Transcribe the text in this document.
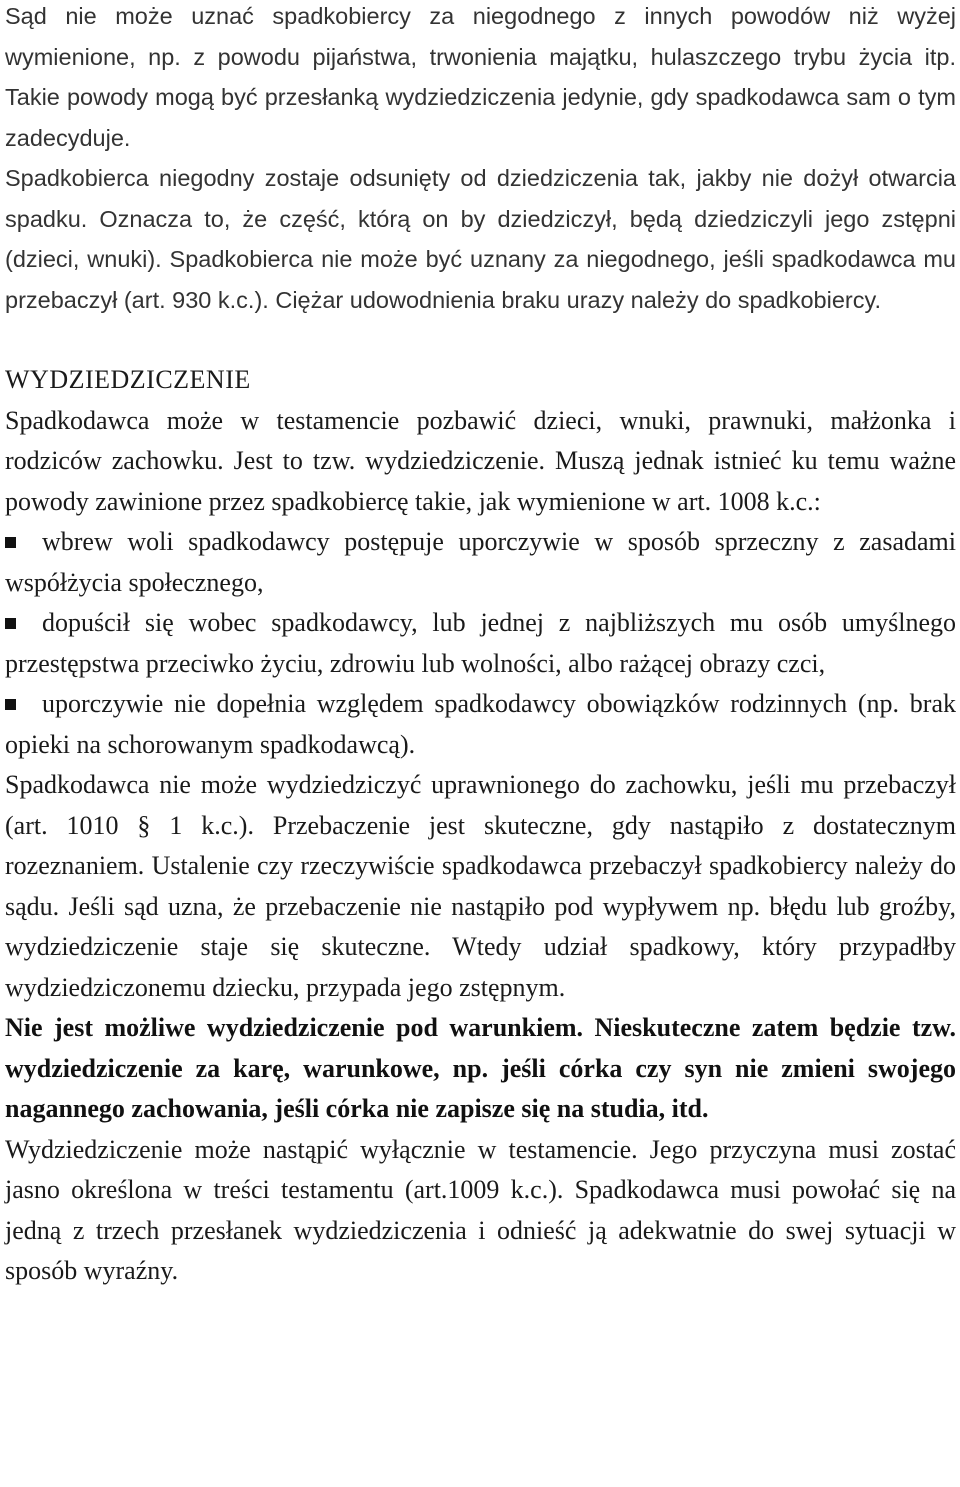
Sąd nie może uznać spadkobiercy za niegodnego z innych powodów niż wyżej wymienione, np. z powodu pijaństwa, trwonienia majątku, hulaszczego trybu życia itp. Takie powody mogą być przesłanką wydziedziczenia jedynie, gdy spadkodawca sam o tym zadecyduje.

Spadkobierca niegodny zostaje odsunięty od dziedziczenia tak, jakby nie dożył otwarcia spadku. Oznacza to, że część, którą on by dziedziczył, będą dziedziczyli jego zstępni (dzieci, wnuki). Spadkobierca nie może być uznany za niegodnego, jeśli spadkodawca mu przebaczył (art. 930 k.c.). Ciężar udowodnienia braku urazy należy do spadkobiercy.

WYDZIEDZICZENIE

Spadkodawca może w testamencie pozbawić dzieci, wnuki, prawnuki, małżonka i rodziców zachowku. Jest to tzw. wydziedziczenie. Muszą jednak istnieć ku temu ważne powody zawinione przez spadkobiercę takie, jak wymienione w art. 1008 k.c.:

wbrew woli spadkodawcy postępuje uporczywie w sposób sprzeczny z zasadami współżycia społecznego,

dopuścił się wobec spadkodawcy, lub jednej z najbliższych mu osób umyślnego przestępstwa przeciwko życiu, zdrowiu lub wolności, albo rażącej obrazy czci,

uporczywie nie dopełnia względem spadkodawcy obowiązków rodzinnych (np. brak opieki na schorowanym spadkodawcą).

Spadkodawca nie może wydziedziczyć uprawnionego do zachowku, jeśli mu przebaczył (art. 1010 § 1 k.c.). Przebaczenie jest skuteczne, gdy nastąpiło z dostatecznym rozeznaniem. Ustalenie czy rzeczywiście spadkodawca przebaczył spadkobiercy należy do sądu. Jeśli sąd uzna, że przebaczenie nie nastąpiło pod wypływem np. błędu lub groźby, wydziedziczenie staje się skuteczne. Wtedy udział spadkowy, który przypadłby wydziedziczonemu dziecku, przypada jego zstępnym.

Nie jest możliwe wydziedziczenie pod warunkiem. Nieskuteczne zatem będzie tzw. wydziedziczenie za karę, warunkowe, np. jeśli córka czy syn nie zmieni swojego nagannego zachowania, jeśli córka nie zapisze się na studia, itd.

Wydziedziczenie może nastąpić wyłącznie w testamencie. Jego przyczyna musi zostać jasno określona w treści testamentu (art.1009 k.c.). Spadkodawca musi powołać się na jedną z trzech przesłanek wydziedziczenia i odnieść ją adekwatnie do swej sytuacji w sposób wyraźny.
